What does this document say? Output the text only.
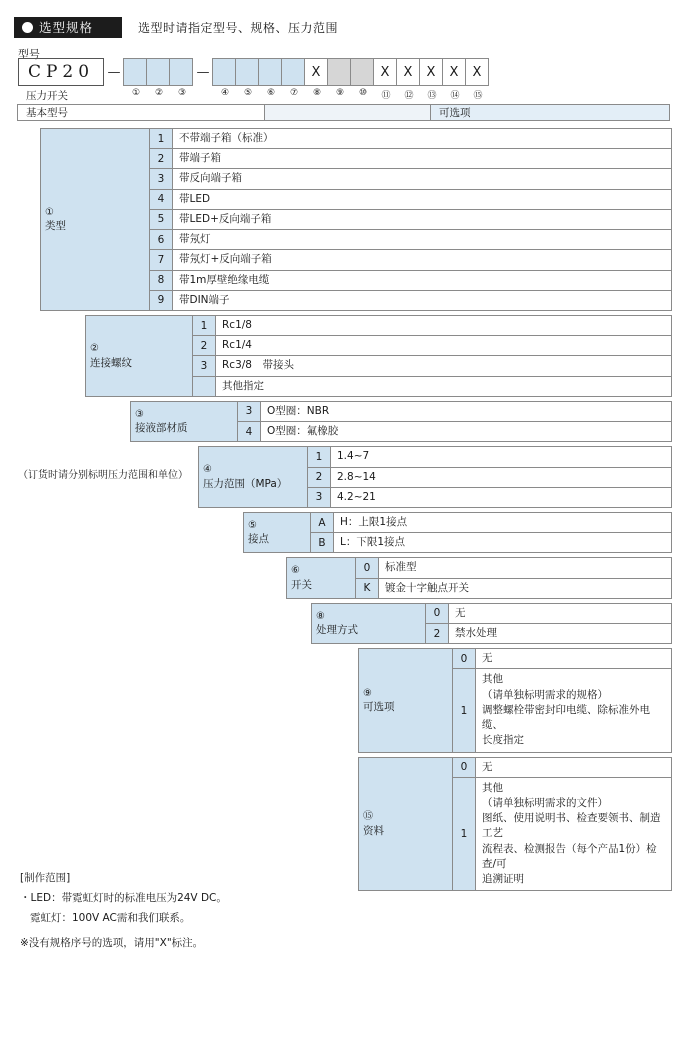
选型规格	选型时请指定型号、规格、压力范围
型号
CP20	—	—	X	X	X	X	X	X
压力开关	①	②	③	④	⑤	⑥	⑦	⑧	⑨	⑩	⑪	⑫	⑬	⑭	⑮
基本型号	可选项
①
类型
1	不带端子箱（标准）
2	带端子箱
3	带反向端子箱
4	带LED
5	带LED+反向端子箱
6	带氖灯
7	带氖灯+反向端子箱
8	带1m厚壁绝缘电缆
9	带DIN端子
②
连接螺纹
1	Rc1/8
2	Rc1/4
3	Rc3/8　带接头
其他指定
③
接液部材质
3	O型圈：NBR
4	O型圈：氟橡胶
④
压力范围（MPa）
1	1.4~7
2	2.8~14
3	4.2~21
（订货时请分别标明压力范围和单位）
⑤
接点
A	H：上限1接点
B	L：下限1接点
⑥
开关
0	标准型
K	镀金十字触点开关
⑧
处理方式
0	无
2	禁水处理
⑨
可选项
0	无
1
其他
（请单独标明需求的规格）
调整螺栓带密封印电缆、除标准外电缆、
长度指定
⑮
资料
0	无
1
其他
（请单独标明需求的文件）
图纸、使用说明书、检查要领书、制造工艺
流程表、检测报告（每个产品1份）检查/可
追溯证明
[制作范围]
・LED：带霓虹灯时的标准电压为24V DC。
霓虹灯：100V AC需和我们联系。
※没有规格序号的选项，请用"X"标注。
